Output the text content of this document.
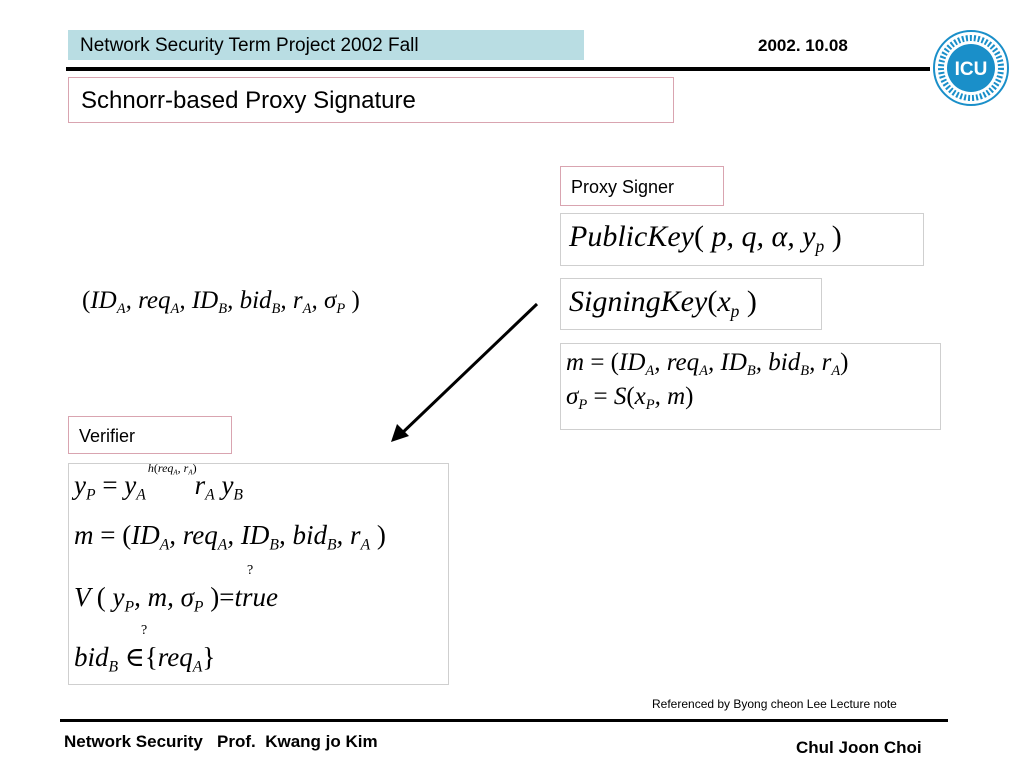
Network Security Term Project 2002 Fall	2002. 10.08
ICU
Schnorr-based Proxy Signature
Proxy Signer
PublicKey( p, q, α, $y_p$ )
$SigningKey(x_p$ )
$m = (ID_A$, req$_A$, $ID_B$, bid$_B$, $r_A$)
$\sigma_P = S(x_P$, m)
($ID_A$, req$_A$, $ID_B$, bid$_B$, $r_A$, $\sigma_P$ )
Verifier
$y_P = y_A^{h(req_A, r_A)}r_A$ $y_B$
$m = (ID_A$, req$_A$, $ID_B$, bid$_B$, $r_A$ )
?
V ( $y_P$, m, $\sigma_P$ )=true
?
bid$_B$ ∈{req$_A$}
Referenced by Byong cheon Lee Lecture note
Network Security   Prof.  Kwang jo Kim	Chul Joon Choi
